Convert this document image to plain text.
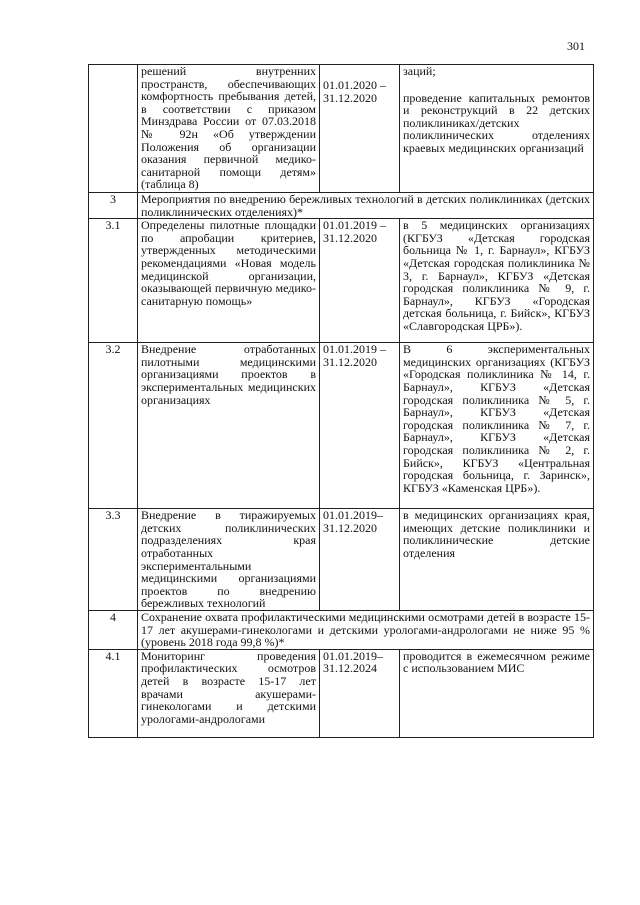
301
	решений внутренних пространств, обеспечивающих комфортность пребывания детей, в соответствии с приказом Минздрава России от 07.03.2018 № 92н «Об утверждении Положения об организации оказания первичной медико-санитарной помощи детям» (таблица 8)	01.01.2020 – 31.12.2020	заций;
проведение капитальных ремонтов и реконструкций в 22 детских поликлиниках/детских поликлинических отделениях краевых медицинских организаций

3	Мероприятия по внедрению бережливых технологий в детских поликлиниках (детских поликлинических отделениях)*		
3.1	Определены пилотные площадки по апробации критериев, утвержденных методическими рекомендациями «Новая модель медицинской организации, оказывающей первичную медико-санитарную помощь»	01.01.2019 – 31.12.2020	в 5 медицинских организациях (КГБУЗ «Детская городская больница № 1, г. Барнаул», КГБУЗ «Детская городская поликлиника № 3, г. Барнаул», КГБУЗ «Детская городская поликлиника № 9, г. Барнаул», КГБУЗ «Городская детская больница, г. Бийск», КГБУЗ «Славгородская ЦРБ»).
3.2	Внедрение отработанных пилотными медицинскими организациями проектов в экспериментальных медицинских организациях	01.01.2019 – 31.12.2020	В 6 экспериментальных медицинских организациях (КГБУЗ «Городская поликлиника № 14, г. Барнаул», КГБУЗ «Детская городская поликлиника № 5, г. Барнаул», КГБУЗ «Детская городская поликлиника № 7, г. Барнаул», КГБУЗ «Детская городская поликлиника № 2, г. Бийск», КГБУЗ «Центральная городская больница, г. Заринск», КГБУЗ «Каменская ЦРБ»).
3.3	Внедрение в тиражируемых детских поликлинических подразделениях края отработанных экспериментальными медицинскими организациями проектов по внедрению бережливых технологий	01.01.2019– 31.12.2020	в медицинских организациях края, имеющих детские поликлиники и поликлинические детские отделения
4	Сохранение охвата профилактическими медицинскими осмотрами детей в возрасте 15-17 лет акушерами-гинекологами и детскими урологами-андрологами не ниже 95 % (уровень 2018 года 99,8 %)*		
4.1	Мониторинг проведения профилактических осмотров детей в возрасте 15-17 лет врачами акушерами-гинекологами и детскими урологами-андрологами	01.01.2019– 31.12.2024	проводится в ежемесячном режиме с использованием МИС
